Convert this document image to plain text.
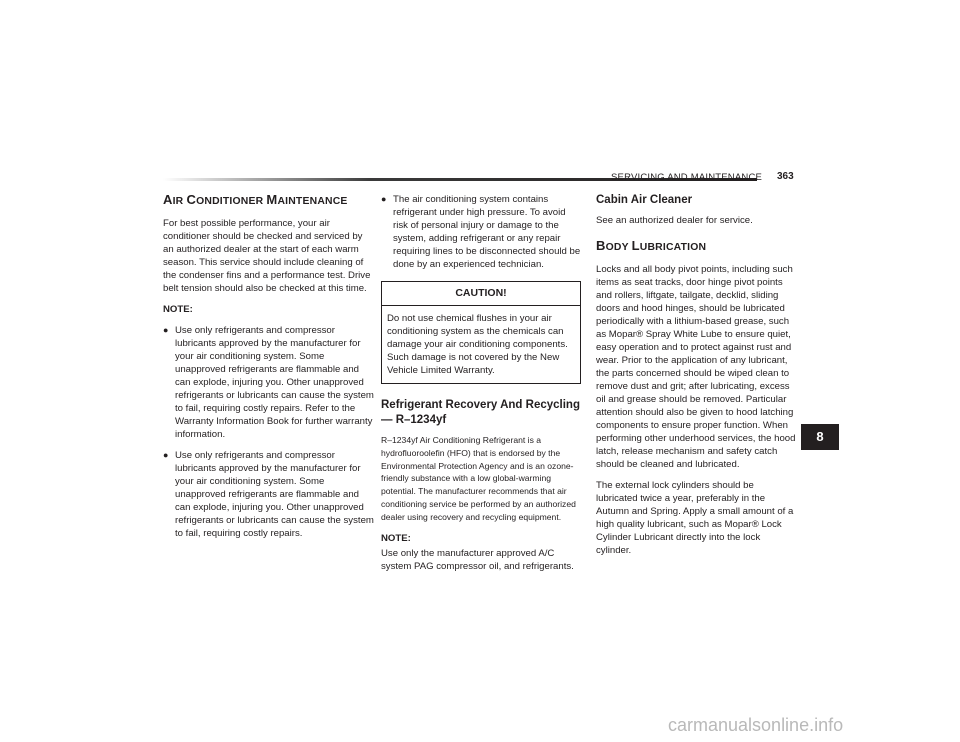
SERVICING AND MAINTENANCE 363
AIR CONDITIONER MAINTENANCE

For best possible performance, your air conditioner should be checked and serviced by an authorized dealer at the start of each warm season. This service should include cleaning of the condenser fins and a performance test. Drive belt tension should also be checked at this time.

NOTE:
● Use only refrigerants and compressor lubricants approved by the manufacturer for your air conditioning system. Some unapproved refrigerants are flammable and can explode, injuring you. Other unapproved refrigerants or lubricants can cause the system to fail, requiring costly repairs. Refer to the Warranty Information Book for further warranty information.
● Use only refrigerants and compressor lubricants approved by the manufacturer for your air conditioning system. Some unapproved refrigerants are flammable and can explode, injuring you. Other unapproved refrigerants or lubricants can cause the system to fail, requiring costly repairs.
● The air conditioning system contains refrigerant under high pressure. To avoid risk of personal injury or damage to the system, adding refrigerant or any repair requiring lines to be disconnected should be done by an experienced technician.
CAUTION!
Do not use chemical flushes in your air conditioning system as the chemicals can damage your air conditioning components. Such damage is not covered by the New Vehicle Limited Warranty.
Refrigerant Recovery And Recycling — R–1234yf

R–1234yf Air Conditioning Refrigerant is a hydrofluoroolefin (HFO) that is endorsed by the Environmental Protection Agency and is an ozone-friendly substance with a low global-warming potential. The manufacturer recommends that air conditioning service be performed by an authorized dealer using recovery and recycling equipment.

NOTE:

Use only the manufacturer approved A/C system PAG compressor oil, and refrigerants.

Cabin Air Cleaner

See an authorized dealer for service.

BODY LUBRICATION

Locks and all body pivot points, including such items as seat tracks, door hinge pivot points and rollers, liftgate, tailgate, decklid, sliding doors and hood hinges, should be lubricated periodically with a lithium-based grease, such as Mopar® Spray White Lube to ensure quiet, easy operation and to protect against rust and wear. Prior to the application of any lubricant, the parts concerned should be wiped clean to remove dust and grit; after lubricating, excess oil and grease should be removed. Particular attention should also be given to hood latching components to ensure proper function. When performing other underhood services, the hood latch, release mechanism and safety catch should be cleaned and lubricated.

The external lock cylinders should be lubricated twice a year, preferably in the Autumn and Spring. Apply a small amount of a high quality lubricant, such as Mopar® Lock Cylinder Lubricant directly into the lock cylinder.

8
carmanualsonline.info
